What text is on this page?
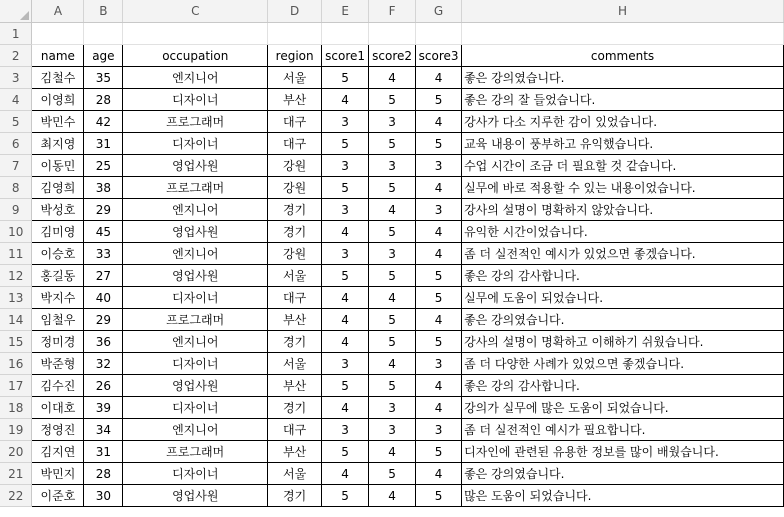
	A	B	C	D	E	F	G	H
1								
2	name	age	occupation	region	score1	score2	score3	comments
3	김철수	35	엔지니어	서울	5	4	4	좋은 강의였습니다.
4	이영희	28	디자이너	부산	4	5	5	좋은 강의 잘 들었습니다.
5	박민수	42	프로그래머	대구	3	3	4	강사가 다소 지루한 감이 있었습니다.
6	최지영	31	디자이너	대구	5	5	5	교육 내용이 풍부하고 유익했습니다.
7	이동민	25	영업사원	강원	3	3	3	수업 시간이 조금 더 필요할 것 같습니다.
8	김영희	38	프로그래머	강원	5	5	4	실무에 바로 적용할 수 있는 내용이었습니다.
9	박성호	29	엔지니어	경기	3	4	3	강사의 설명이 명확하지 않았습니다.
10	김미영	45	영업사원	경기	4	5	4	유익한 시간이었습니다.
11	이승호	33	엔지니어	강원	3	3	4	좀 더 실전적인 예시가 있었으면 좋겠습니다.
12	홍길동	27	영업사원	서울	5	5	5	좋은 강의 감사합니다.
13	박지수	40	디자이너	대구	4	4	5	실무에 도움이 되었습니다.
14	임철우	29	프로그래머	부산	4	5	4	좋은 강의였습니다.
15	정미경	36	엔지니어	경기	4	5	5	강사의 설명이 명확하고 이해하기 쉬웠습니다.
16	박준형	32	디자이너	서울	3	4	3	좀 더 다양한 사례가 있었으면 좋겠습니다.
17	김수진	26	영업사원	부산	5	5	4	좋은 강의 감사합니다.
18	이대호	39	디자이너	경기	4	3	4	강의가 실무에 많은 도움이 되었습니다.
19	정영진	34	엔지니어	대구	3	3	3	좀 더 실전적인 예시가 필요합니다.
20	김지연	31	프로그래머	부산	5	4	5	디자인에 관련된 유용한 정보를 많이 배웠습니다.
21	박민지	28	디자이너	서울	4	5	4	좋은 강의였습니다.
22	이준호	30	영업사원	경기	5	4	5	많은 도움이 되었습니다.
